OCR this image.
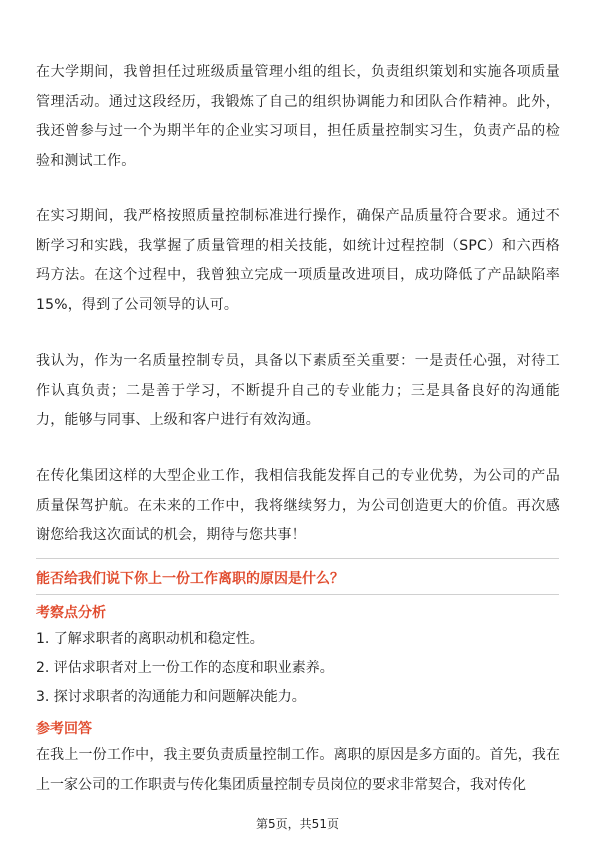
在大学期间，我曾担任过班级质量管理小组的组长，负责组织策划和实施各项质量管理活动。通过这段经历，我锻炼了自己的组织协调能力和团队合作精神。此外，我还曾参与过一个为期半年的企业实习项目，担任质量控制实习生，负责产品的检验和测试工作。

在实习期间，我严格按照质量控制标准进行操作，确保产品质量符合要求。通过不断学习和实践，我掌握了质量管理的相关技能，如统计过程控制（SPC）和六西格玛方法。在这个过程中，我曾独立完成一项质量改进项目，成功降低了产品缺陷率15%，得到了公司领导的认可。

我认为，作为一名质量控制专员，具备以下素质至关重要：一是责任心强，对待工作认真负责；二是善于学习，不断提升自己的专业能力；三是具备良好的沟通能力，能够与同事、上级和客户进行有效沟通。

在传化集团这样的大型企业工作，我相信我能发挥自己的专业优势，为公司的产品质量保驾护航。在未来的工作中，我将继续努力，为公司创造更大的价值。再次感谢您给我这次面试的机会，期待与您共事！

能否给我们说下你上一份工作离职的原因是什么？

考察点分析

1. 了解求职者的离职动机和稳定性。

2. 评估求职者对上一份工作的态度和职业素养。

3. 探讨求职者的沟通能力和问题解决能力。

参考回答

在我上一份工作中，我主要负责质量控制工作。离职的原因是多方面的。首先，我在上一家公司的工作职责与传化集团质量控制专员岗位的要求非常契合，我对传化

第5页，共51页
